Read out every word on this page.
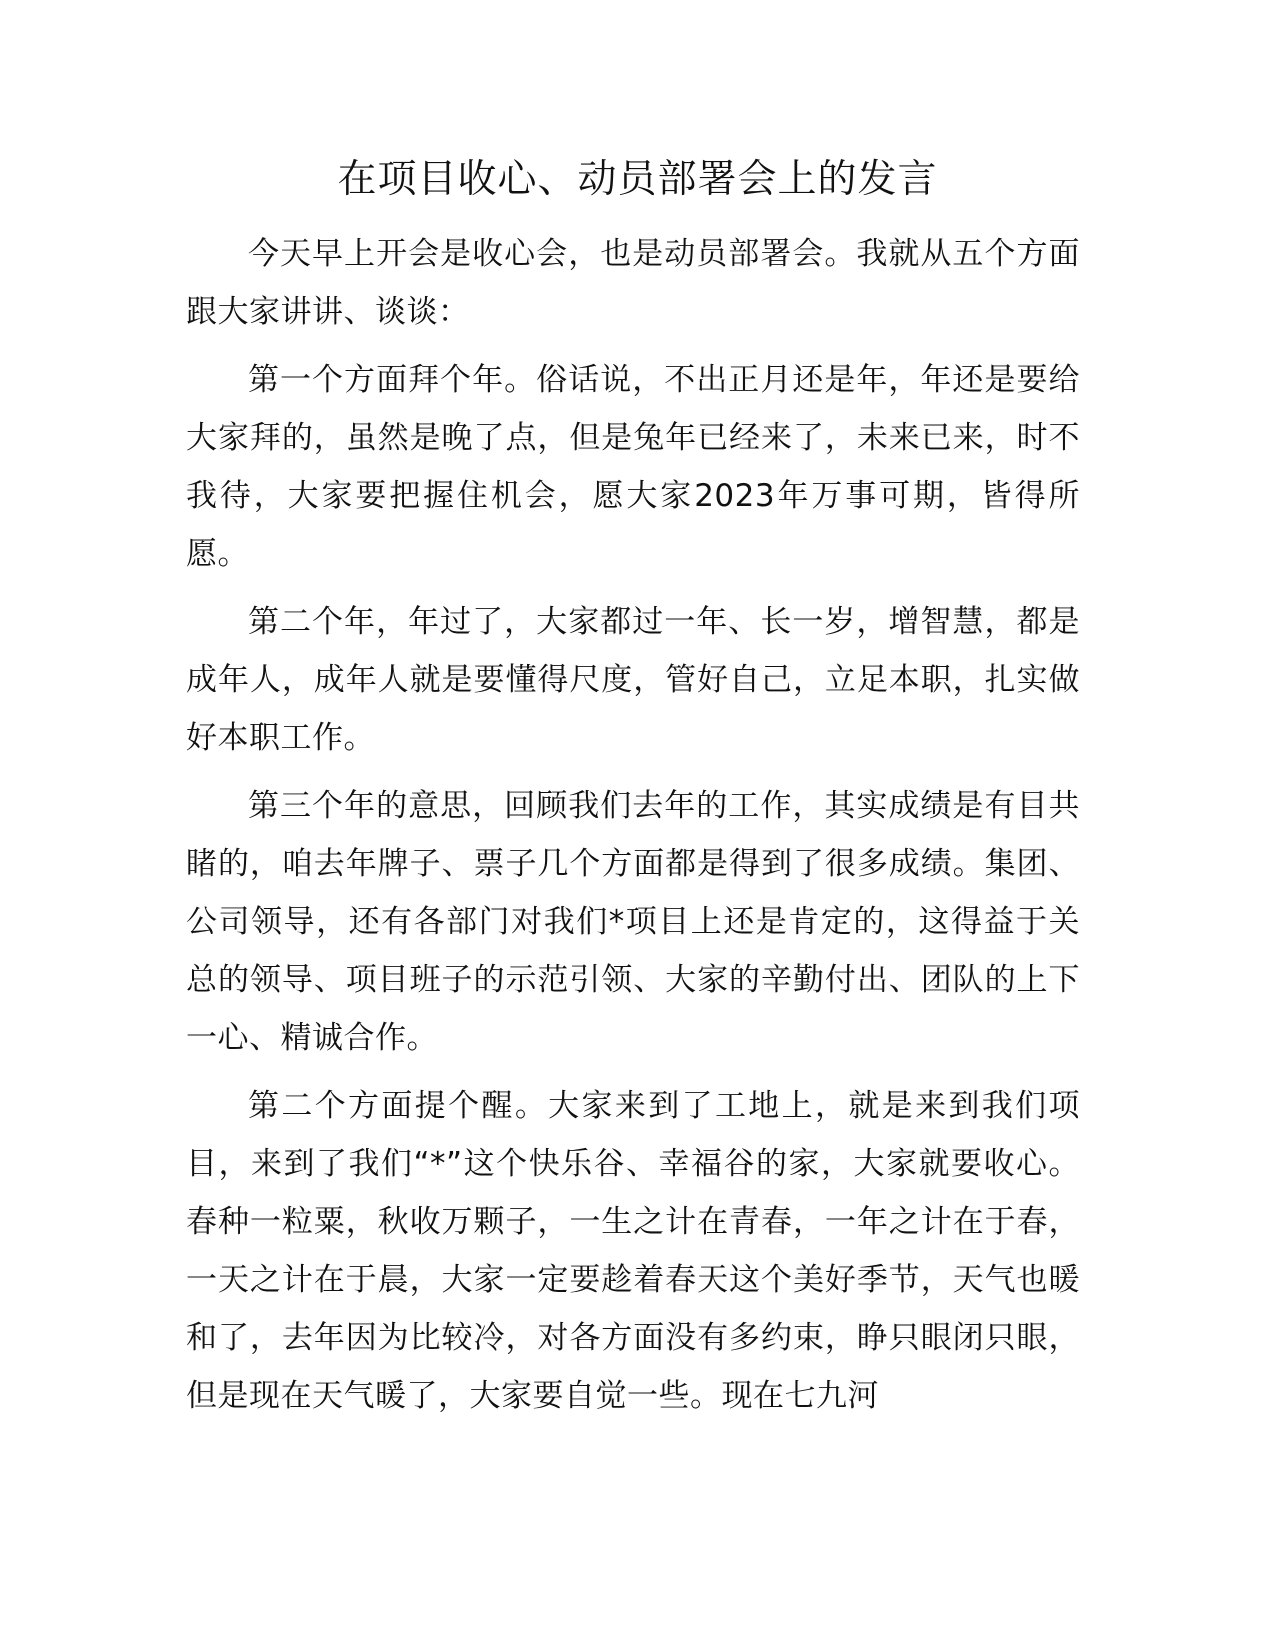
在项目收心、动员部署会上的发言

今天早上开会是收心会，也是动员部署会。我就从五个方面跟大家讲讲、谈谈：

第一个方面拜个年。俗话说，不出正月还是年，年还是要给大家拜的，虽然是晚了点，但是兔年已经来了，未来已来，时不我待，大家要把握住机会，愿大家2023年万事可期，皆得所愿。

第二个年，年过了，大家都过一年、长一岁，增智慧，都是成年人，成年人就是要懂得尺度，管好自己，立足本职，扎实做好本职工作。

第三个年的意思，回顾我们去年的工作，其实成绩是有目共睹的，咱去年牌子、票子几个方面都是得到了很多成绩。集团、公司领导，还有各部门对我们*项目上还是肯定的，这得益于关总的领导、项目班子的示范引领、大家的辛勤付出、团队的上下一心、精诚合作。

第二个方面提个醒。大家来到了工地上，就是来到我们项目，来到了我们“*”这个快乐谷、幸福谷的家，大家就要收心。春种一粒粟，秋收万颗子，一生之计在青春，一年之计在于春，一天之计在于晨，大家一定要趁着春天这个美好季节，天气也暖和了，去年因为比较冷，对各方面没有多约束，睁只眼闭只眼，但是现在天气暖了，大家要自觉一些。现在七九河
